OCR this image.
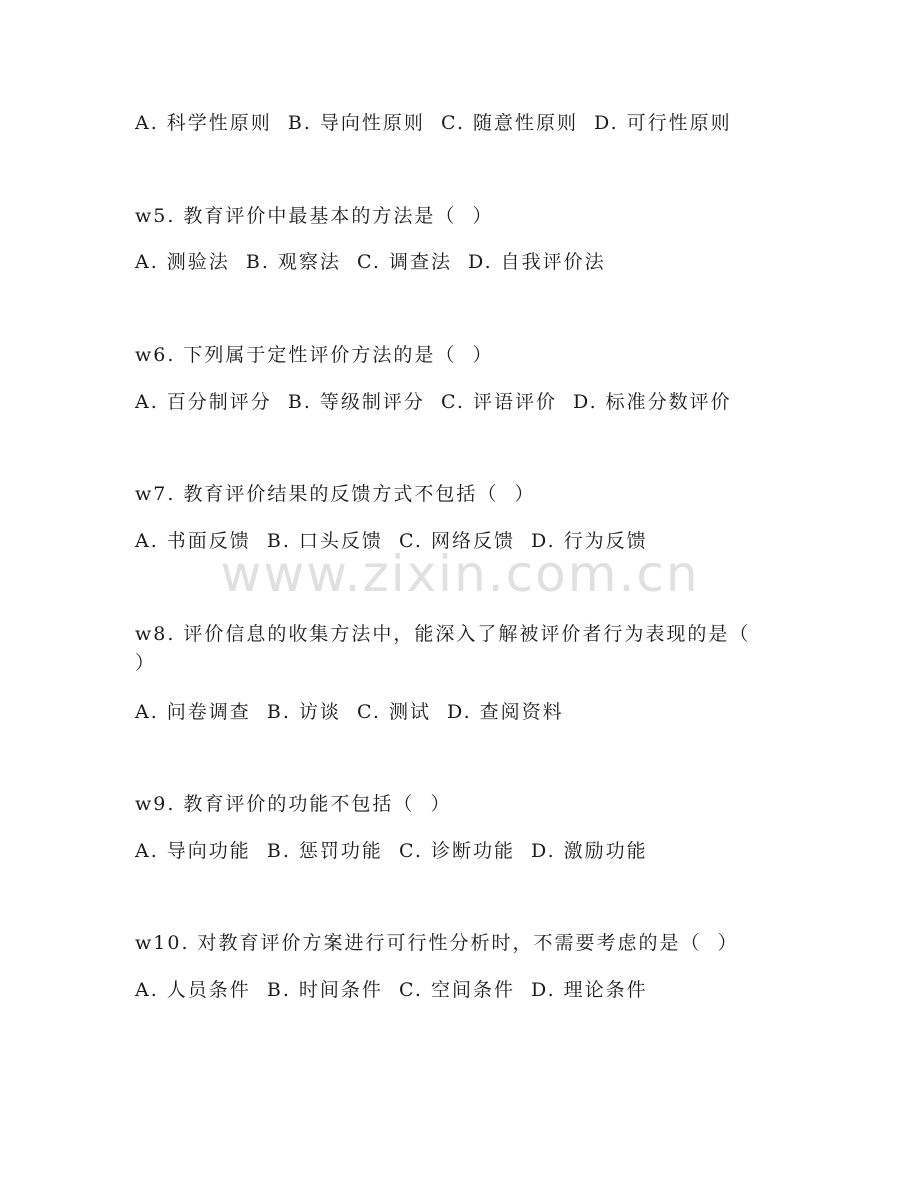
www.zixin.com.cn
A. 科学性原则  B. 导向性原则  C. 随意性原则  D. 可行性原则
w5. 教育评价中最基本的方法是（  ）
A. 测验法  B. 观察法  C. 调查法  D. 自我评价法
w6. 下列属于定性评价方法的是（  ）
A. 百分制评分  B. 等级制评分  C. 评语评价  D. 标准分数评价
w7. 教育评价结果的反馈方式不包括（  ）
A. 书面反馈  B. 口头反馈  C. 网络反馈  D. 行为反馈
w8. 评价信息的收集方法中，能深入了解被评价者行为表现的是（
）
A. 问卷调查  B. 访谈  C. 测试  D. 查阅资料
w9. 教育评价的功能不包括（  ）
A. 导向功能  B. 惩罚功能  C. 诊断功能  D. 激励功能
w10. 对教育评价方案进行可行性分析时，不需要考虑的是（  ）
A. 人员条件  B. 时间条件  C. 空间条件  D. 理论条件
